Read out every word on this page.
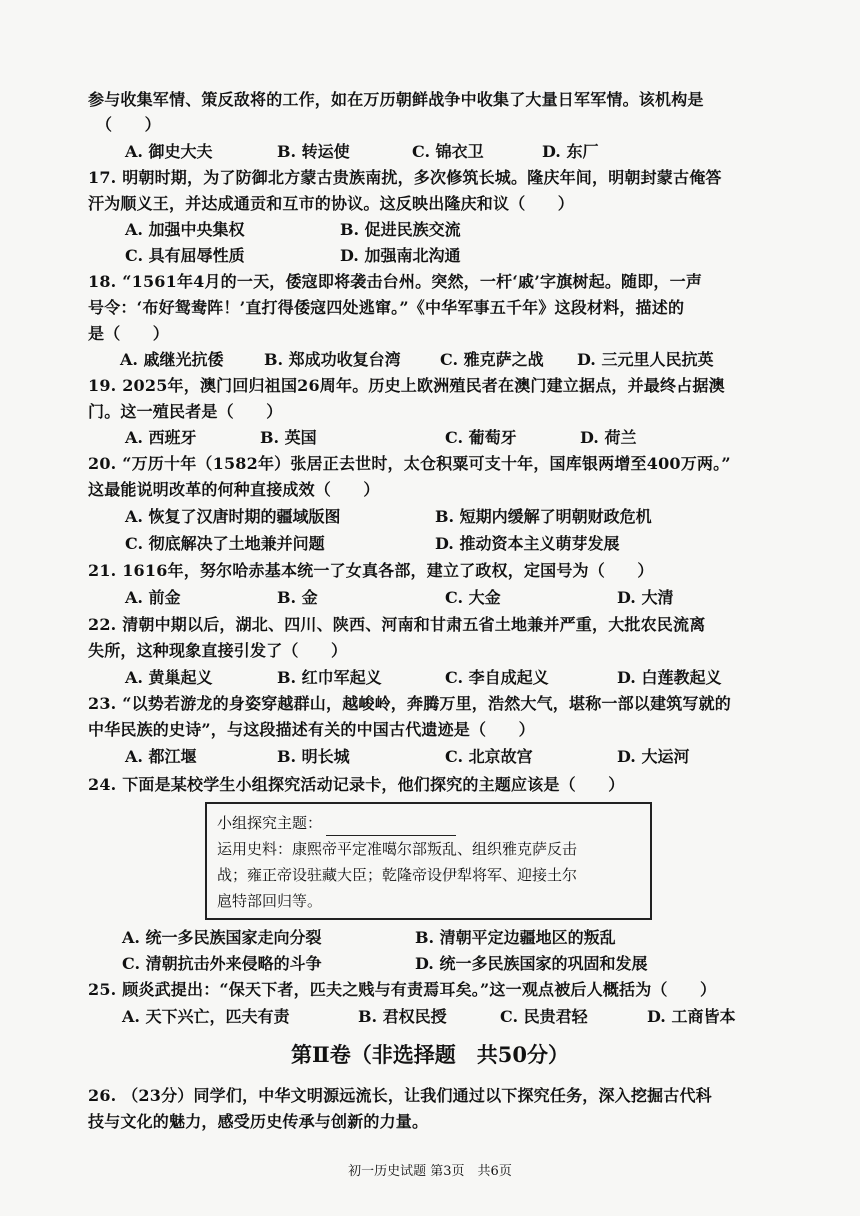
参与收集军情、策反敌将的工作，如在万历朝鲜战争中收集了大量日军军情。该机构是
（　　）
A. 御史大夫	B. 转运使	C. 锦衣卫	D. 东厂
17. 明朝时期，为了防御北方蒙古贵族南扰，多次修筑长城。隆庆年间，明朝封蒙古俺答
汗为顺义王，并达成通贡和互市的协议。这反映出隆庆和议（　　）
A. 加强中央集权	B. 促进民族交流
C. 具有屈辱性质	D. 加强南北沟通
18. “1561年4月的一天，倭寇即将袭击台州。突然，一杆‘戚’字旗树起。随即，一声
号令：‘布好鸳鸯阵！’直打得倭寇四处逃窜。”《中华军事五千年》这段材料，描述的
是（　　）
A. 戚继光抗倭	B. 郑成功收复台湾 C. 雅克萨之战 D. 三元里人民抗英
19. 2025年，澳门回归祖国26周年。历史上欧洲殖民者在澳门建立据点，并最终占据澳
门。这一殖民者是（　　）
A. 西班牙	B. 英国	C. 葡萄牙	D. 荷兰
20. “万历十年（1582年）张居正去世时，太仓积粟可支十年，国库银两增至400万两。”
这最能说明改革的何种直接成效（　　）
A. 恢复了汉唐时期的疆域版图	B. 短期内缓解了明朝财政危机
C. 彻底解决了土地兼并问题	D. 推动资本主义萌芽发展
21. 1616年，努尔哈赤基本统一了女真各部，建立了政权，定国号为（　　）
A. 前金	B. 金	C. 大金	D. 大清
22. 清朝中期以后，湖北、四川、陕西、河南和甘肃五省土地兼并严重，大批农民流离
失所，这种现象直接引发了（　　）
A. 黄巢起义	B. 红巾军起义	C. 李自成起义	D. 白莲教起义
23. “以势若游龙的身姿穿越群山，越峻岭，奔腾万里，浩然大气，堪称一部以建筑写就的
中华民族的史诗”，与这段描述有关的中国古代遗迹是（　　）
A. 都江堰	B. 明长城	C. 北京故宫	D. 大运河
24. 下面是某校学生小组探究活动记录卡，他们探究的主题应该是（　　）
小组探究主题：
运用史料：康熙帝平定准噶尔部叛乱、组织雅克萨反击
战；雍正帝设驻藏大臣；乾隆帝设伊犁将军、迎接土尔
扈特部回归等。
A. 统一多民族国家走向分裂	B. 清朝平定边疆地区的叛乱
C. 清朝抗击外来侵略的斗争	D. 统一多民族国家的巩固和发展
25. 顾炎武提出：“保天下者，匹夫之贱与有责焉耳矣。”这一观点被后人概括为（　　）
A. 天下兴亡，匹夫有责	B. 君权民授	C. 民贵君轻	D. 工商皆本
第Ⅱ卷（非选择题　共50分）
26. （23分）同学们，中华文明源远流长，让我们通过以下探究任务，深入挖掘古代科
技与文化的魅力，感受历史传承与创新的力量。
初一历史试题 第3页　共6页
